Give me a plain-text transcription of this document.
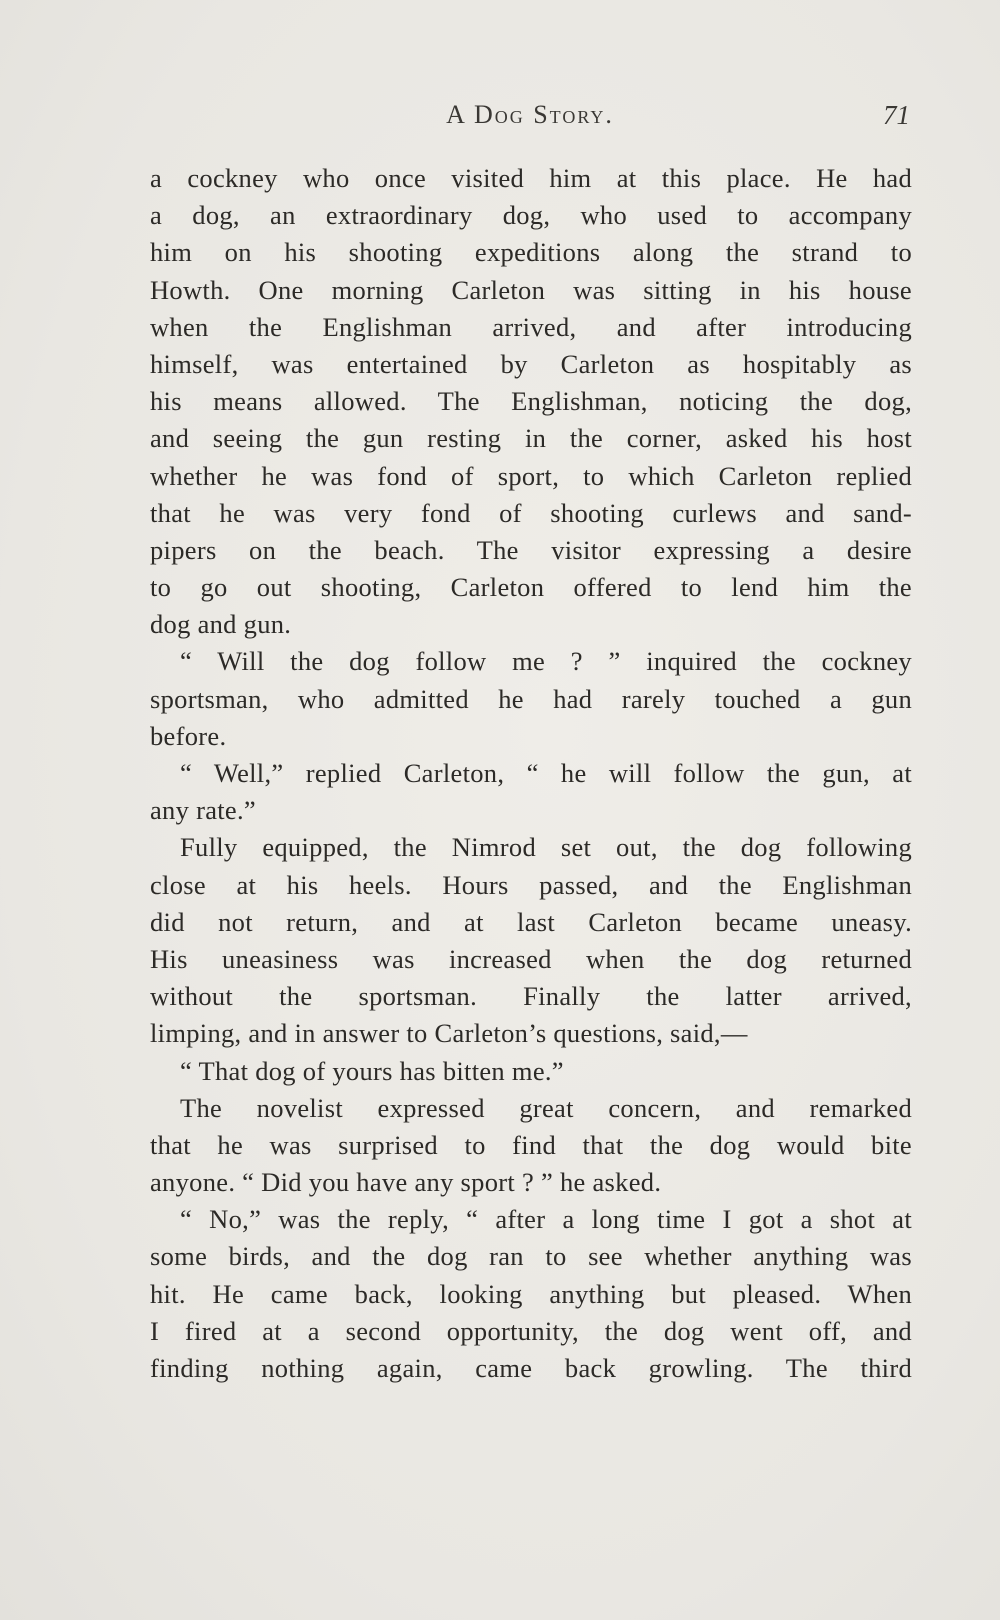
A Dog Story.	71
a cockney who once visited him at this place. He had
a dog, an extraordinary dog, who used to accompany
him on his shooting expeditions along the strand to
Howth. One morning Carleton was sitting in his house
when the Englishman arrived, and after introducing
himself, was entertained by Carleton as hospitably as
his means allowed. The Englishman, noticing the dog,
and seeing the gun resting in the corner, asked his host
whether he was fond of sport, to which Carleton replied
that he was very fond of shooting curlews and sand-
pipers on the beach. The visitor expressing a desire
to go out shooting, Carleton offered to lend him the
dog and gun.
“ Will the dog follow me ? ” inquired the cockney
sportsman, who admitted he had rarely touched a gun
before.
“ Well,” replied Carleton, “ he will follow the gun, at
any rate.”
Fully equipped, the Nimrod set out, the dog following
close at his heels. Hours passed, and the Englishman
did not return, and at last Carleton became uneasy.
His uneasiness was increased when the dog returned
without the sportsman. Finally the latter arrived,
limping, and in answer to Carleton’s questions, said,—
“ That dog of yours has bitten me.”
The novelist expressed great concern, and remarked
that he was surprised to find that the dog would bite
anyone. “ Did you have any sport ? ” he asked.
“ No,” was the reply, “ after a long time I got a shot at
some birds, and the dog ran to see whether anything was
hit. He came back, looking anything but pleased. When
I fired at a second opportunity, the dog went off, and
finding nothing again, came back growling. The third
